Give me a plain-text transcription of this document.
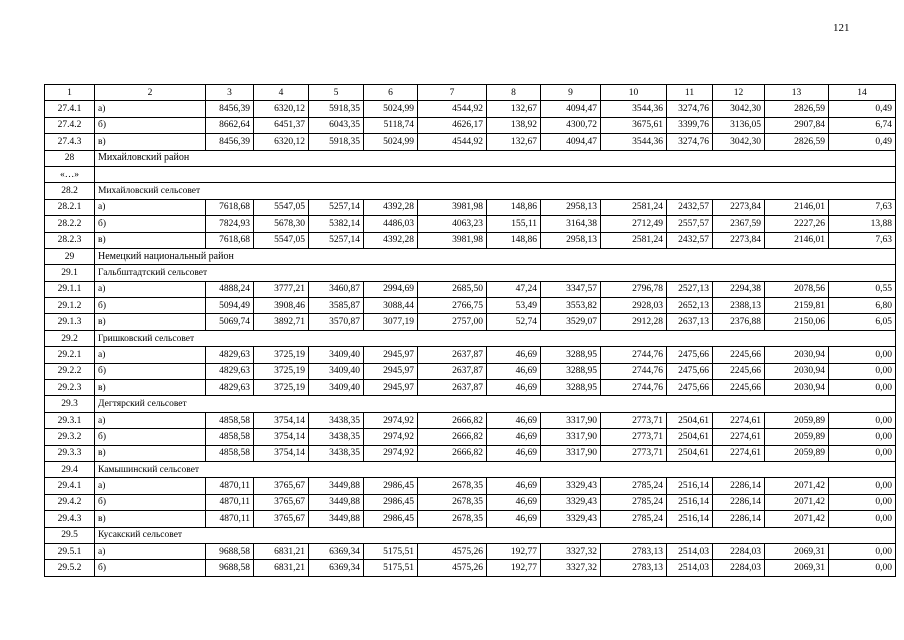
121
1	2	3	4	5	6	7	8	9	10	11	12	13	14
27.4.1	а)	8456,39	6320,12	5918,35	5024,99	4544,92	132,67	4094,47	3544,36	3274,76	3042,30	2826,59	0,49
27.4.2	б)	8662,64	6451,37	6043,35	5118,74	4626,17	138,92	4300,72	3675,61	3399,76	3136,05	2907,84	6,74
27.4.3	в)	8456,39	6320,12	5918,35	5024,99	4544,92	132,67	4094,47	3544,36	3274,76	3042,30	2826,59	0,49
28	Михайловский район												
«…»													
28.2	Михайловский сельсовет												
28.2.1	а)	7618,68	5547,05	5257,14	4392,28	3981,98	148,86	2958,13	2581,24	2432,57	2273,84	2146,01	7,63
28.2.2	б)	7824,93	5678,30	5382,14	4486,03	4063,23	155,11	3164,38	2712,49	2557,57	2367,59	2227,26	13,88
28.2.3	в)	7618,68	5547,05	5257,14	4392,28	3981,98	148,86	2958,13	2581,24	2432,57	2273,84	2146,01	7,63
29	Немецкий национальный район												
29.1	Гальбштадтский сельсовет												
29.1.1	а)	4888,24	3777,21	3460,87	2994,69	2685,50	47,24	3347,57	2796,78	2527,13	2294,38	2078,56	0,55
29.1.2	б)	5094,49	3908,46	3585,87	3088,44	2766,75	53,49	3553,82	2928,03	2652,13	2388,13	2159,81	6,80
29.1.3	в)	5069,74	3892,71	3570,87	3077,19	2757,00	52,74	3529,07	2912,28	2637,13	2376,88	2150,06	6,05
29.2	Гришковский сельсовет												
29.2.1	а)	4829,63	3725,19	3409,40	2945,97	2637,87	46,69	3288,95	2744,76	2475,66	2245,66	2030,94	0,00
29.2.2	б)	4829,63	3725,19	3409,40	2945,97	2637,87	46,69	3288,95	2744,76	2475,66	2245,66	2030,94	0,00
29.2.3	в)	4829,63	3725,19	3409,40	2945,97	2637,87	46,69	3288,95	2744,76	2475,66	2245,66	2030,94	0,00
29.3	Дегтярский сельсовет												
29.3.1	а)	4858,58	3754,14	3438,35	2974,92	2666,82	46,69	3317,90	2773,71	2504,61	2274,61	2059,89	0,00
29.3.2	б)	4858,58	3754,14	3438,35	2974,92	2666,82	46,69	3317,90	2773,71	2504,61	2274,61	2059,89	0,00
29.3.3	в)	4858,58	3754,14	3438,35	2974,92	2666,82	46,69	3317,90	2773,71	2504,61	2274,61	2059,89	0,00
29.4	Камышинский сельсовет												
29.4.1	а)	4870,11	3765,67	3449,88	2986,45	2678,35	46,69	3329,43	2785,24	2516,14	2286,14	2071,42	0,00
29.4.2	б)	4870,11	3765,67	3449,88	2986,45	2678,35	46,69	3329,43	2785,24	2516,14	2286,14	2071,42	0,00
29.4.3	в)	4870,11	3765,67	3449,88	2986,45	2678,35	46,69	3329,43	2785,24	2516,14	2286,14	2071,42	0,00
29.5	Кусакский сельсовет												
29.5.1	а)	9688,58	6831,21	6369,34	5175,51	4575,26	192,77	3327,32	2783,13	2514,03	2284,03	2069,31	0,00
29.5.2	б)	9688,58	6831,21	6369,34	5175,51	4575,26	192,77	3327,32	2783,13	2514,03	2284,03	2069,31	0,00
